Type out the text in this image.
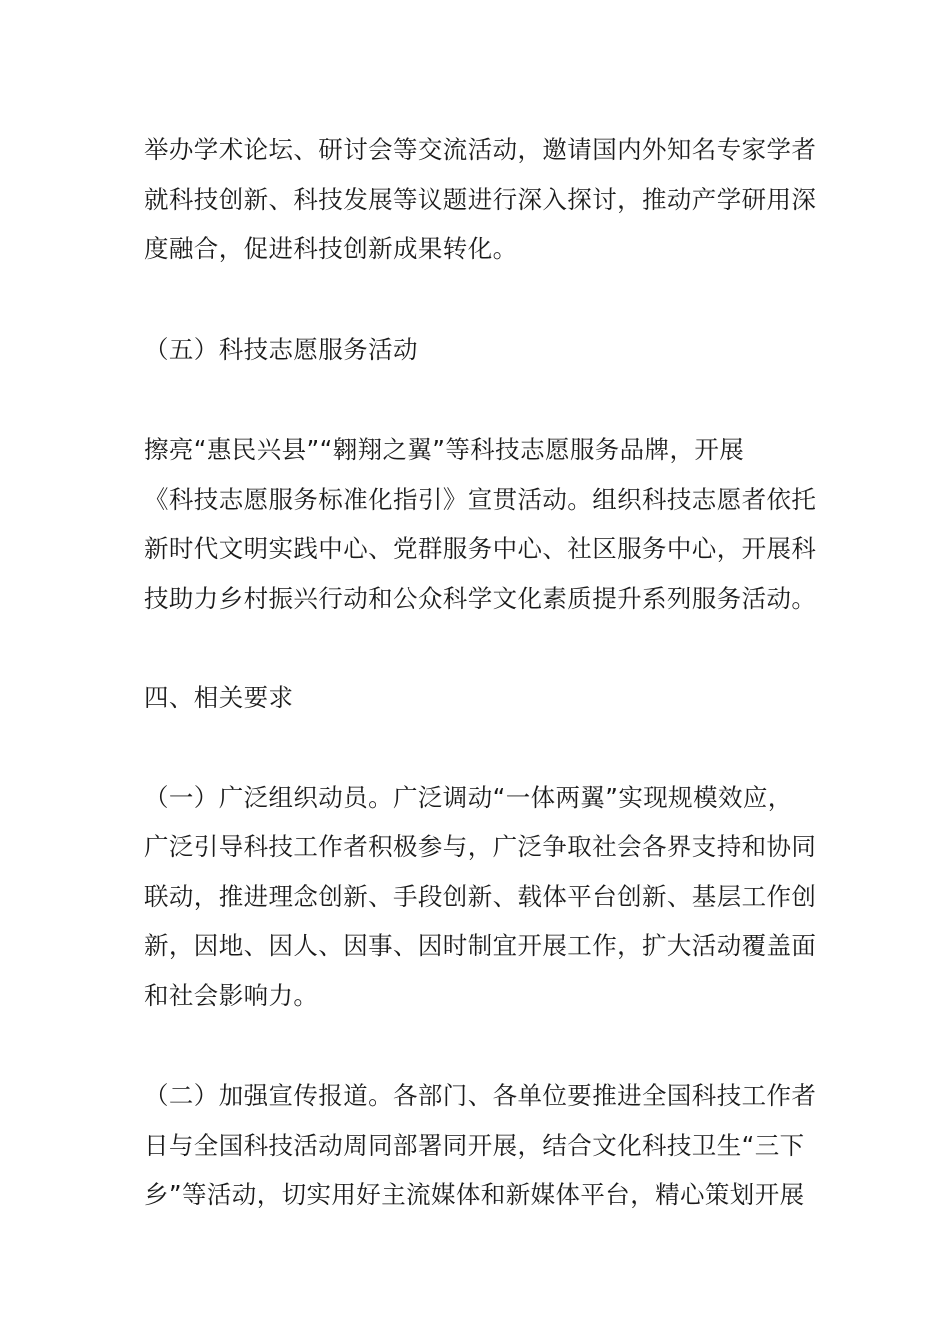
举办学术论坛、研讨会等交流活动，邀请国内外知名专家学者
就科技创新、科技发展等议题进行深入探讨，推动产学研用深
度融合，促进科技创新成果转化。
（五）科技志愿服务活动
擦亮“惠民兴县”“翱翔之翼”等科技志愿服务品牌，开展
《科技志愿服务标准化指引》宣贯活动。组织科技志愿者依托
新时代文明实践中心、党群服务中心、社区服务中心，开展科
技助力乡村振兴行动和公众科学文化素质提升系列服务活动。
四、相关要求
（一）广泛组织动员。广泛调动“一体两翼”实现规模效应，
广泛引导科技工作者积极参与，广泛争取社会各界支持和协同
联动，推进理念创新、手段创新、载体平台创新、基层工作创
新，因地、因人、因事、因时制宜开展工作，扩大活动覆盖面
和社会影响力。
（二）加强宣传报道。各部门、各单位要推进全国科技工作者
日与全国科技活动周同部署同开展，结合文化科技卫生“三下
乡”等活动，切实用好主流媒体和新媒体平台，精心策划开展
